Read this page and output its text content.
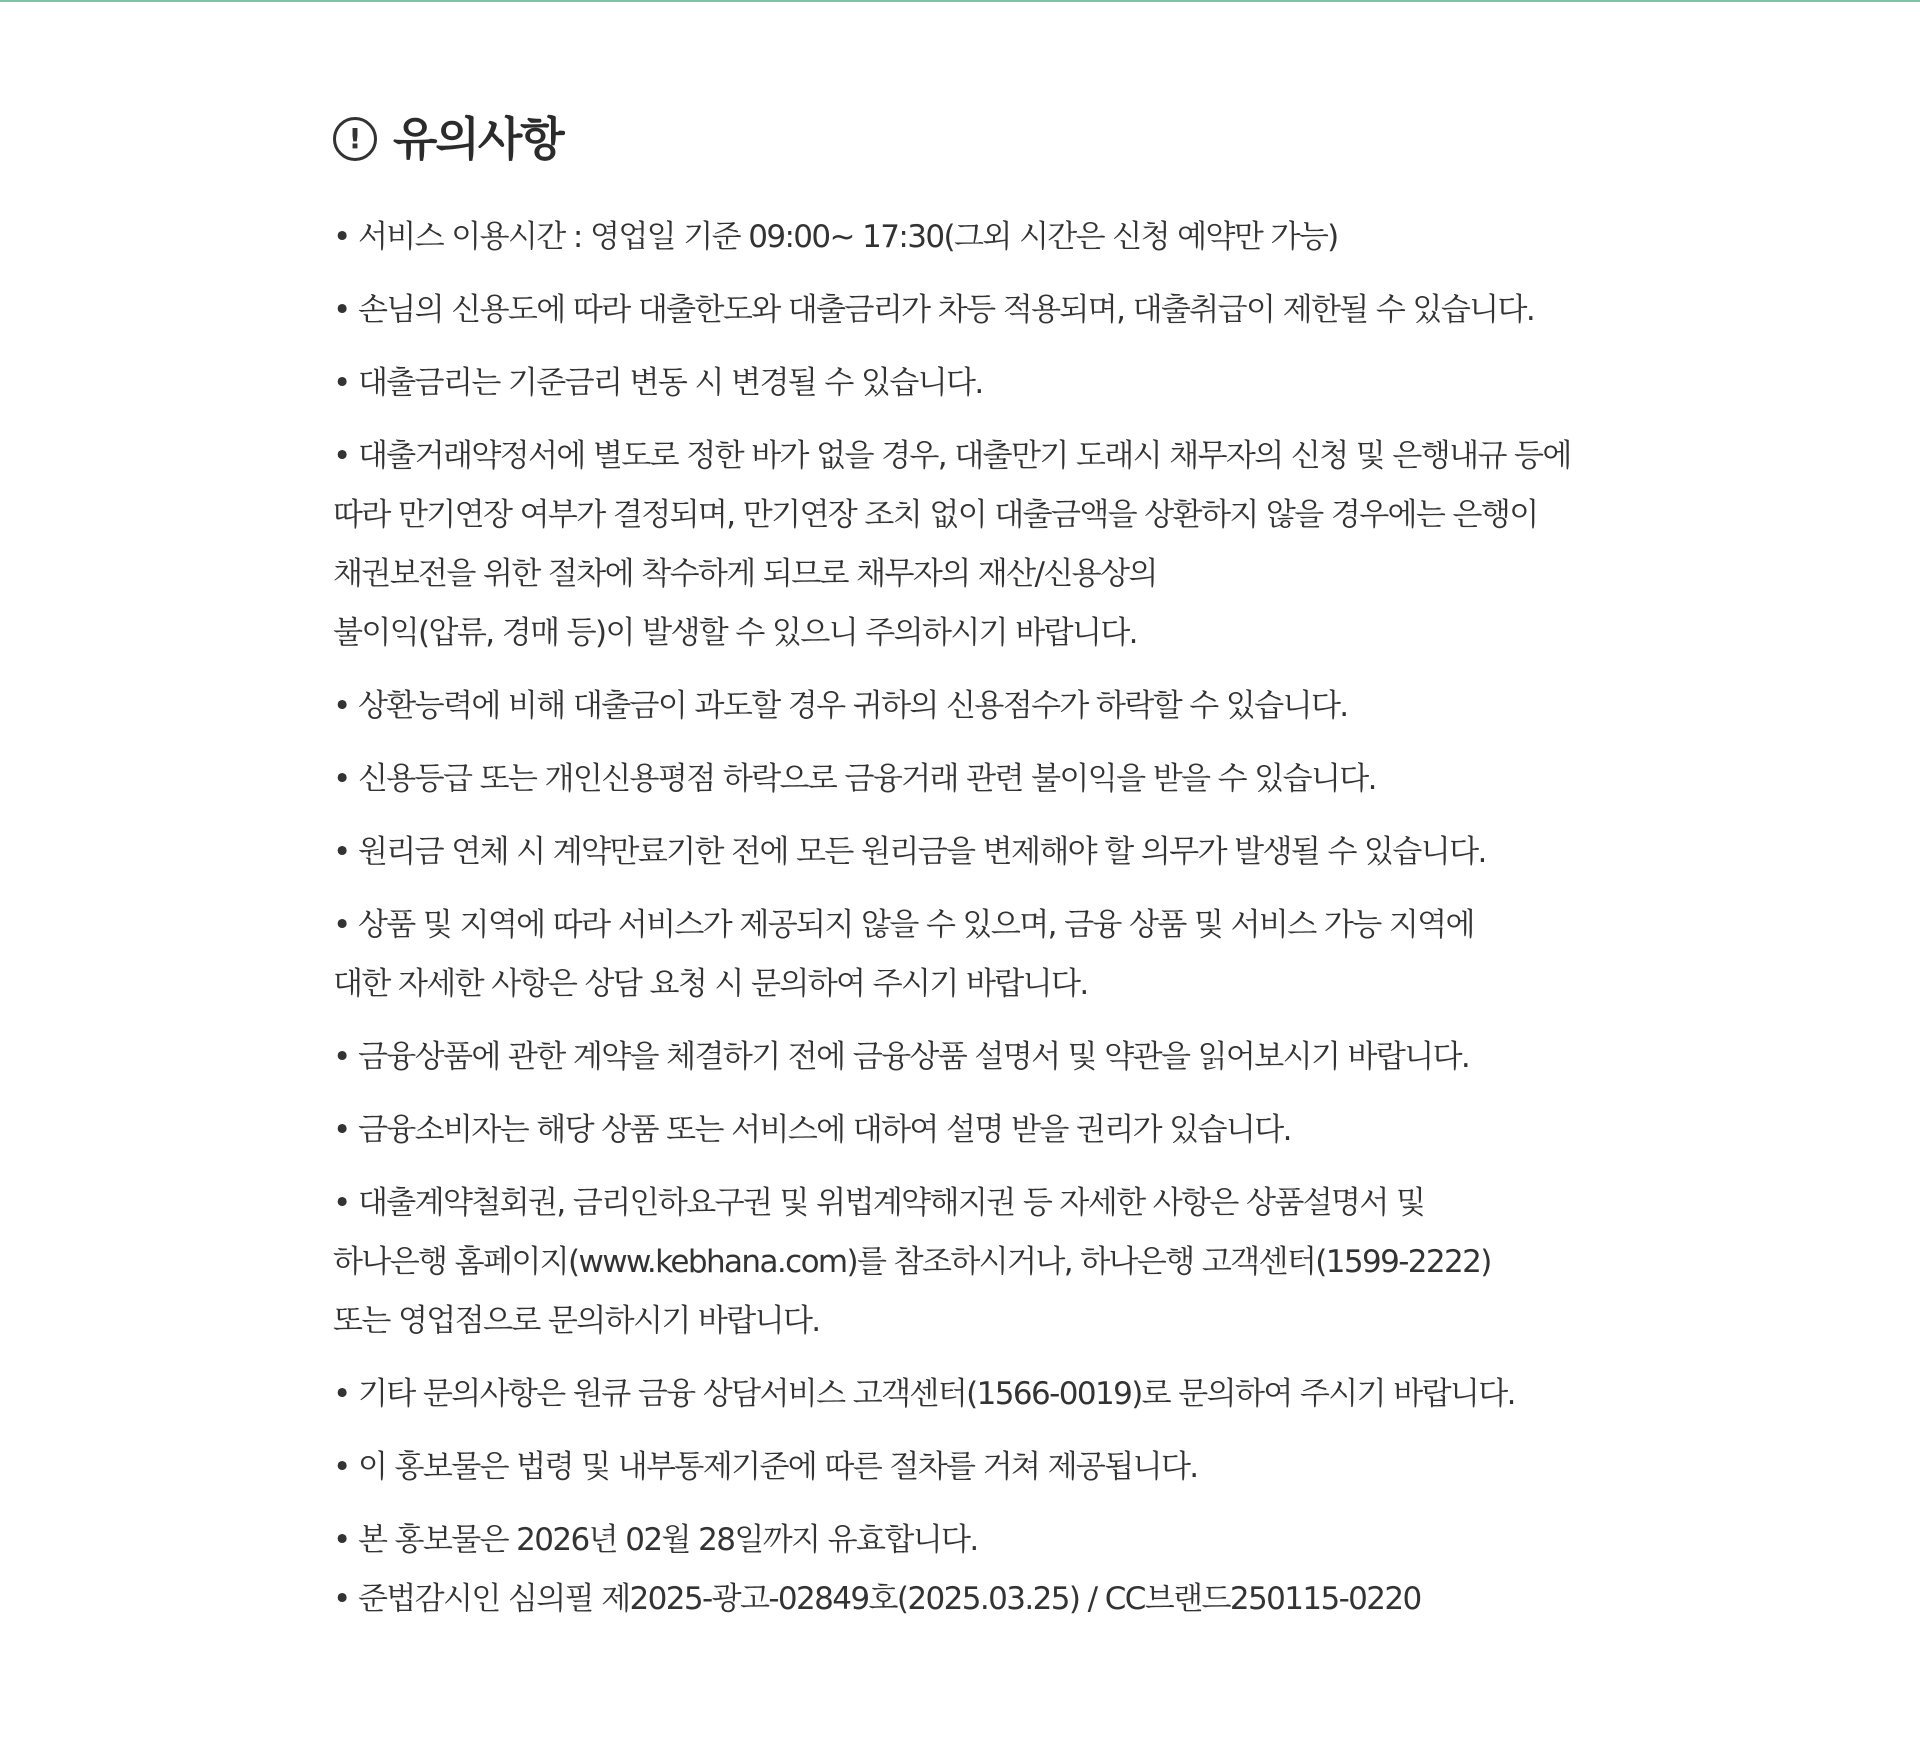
! 유의사항
• 서비스 이용시간 : 영업일 기준 09:00~ 17:30(그외 시간은 신청 예약만 가능)
• 손님의 신용도에 따라 대출한도와 대출금리가 차등 적용되며, 대출취급이 제한될 수 있습니다.
• 대출금리는 기준금리 변동 시 변경될 수 있습니다.
• 대출거래약정서에 별도로 정한 바가 없을 경우, 대출만기 도래시 채무자의 신청 및 은행내규 등에
따라 만기연장 여부가 결정되며, 만기연장 조치 없이 대출금액을 상환하지 않을 경우에는 은행이
채권보전을 위한 절차에 착수하게 되므로 채무자의 재산/신용상의
불이익(압류, 경매 등)이 발생할 수 있으니 주의하시기 바랍니다.
• 상환능력에 비해 대출금이 과도할 경우 귀하의 신용점수가 하락할 수 있습니다.
• 신용등급 또는 개인신용평점 하락으로 금융거래 관련 불이익을 받을 수 있습니다.
• 원리금 연체 시 계약만료기한 전에 모든 원리금을 변제해야 할 의무가 발생될 수 있습니다.
• 상품 및 지역에 따라 서비스가 제공되지 않을 수 있으며, 금융 상품 및 서비스 가능 지역에
대한 자세한 사항은 상담 요청 시 문의하여 주시기 바랍니다.
• 금융상품에 관한 계약을 체결하기 전에 금융상품 설명서 및 약관을 읽어보시기 바랍니다.
• 금융소비자는 해당 상품 또는 서비스에 대하여 설명 받을 권리가 있습니다.
• 대출계약철회권, 금리인하요구권 및 위법계약해지권 등 자세한 사항은 상품설명서 및
하나은행 홈페이지(www.kebhana.com)를 참조하시거나, 하나은행 고객센터(1599-2222)
또는 영업점으로 문의하시기 바랍니다.
• 기타 문의사항은 원큐 금융 상담서비스 고객센터(1566-0019)로 문의하여 주시기 바랍니다.
• 이 홍보물은 법령 및 내부통제기준에 따른 절차를 거쳐 제공됩니다.
• 본 홍보물은 2026년 02월 28일까지 유효합니다.
• 준법감시인 심의필 제2025-광고-02849호(2025.03.25) / CC브랜드250115-0220
